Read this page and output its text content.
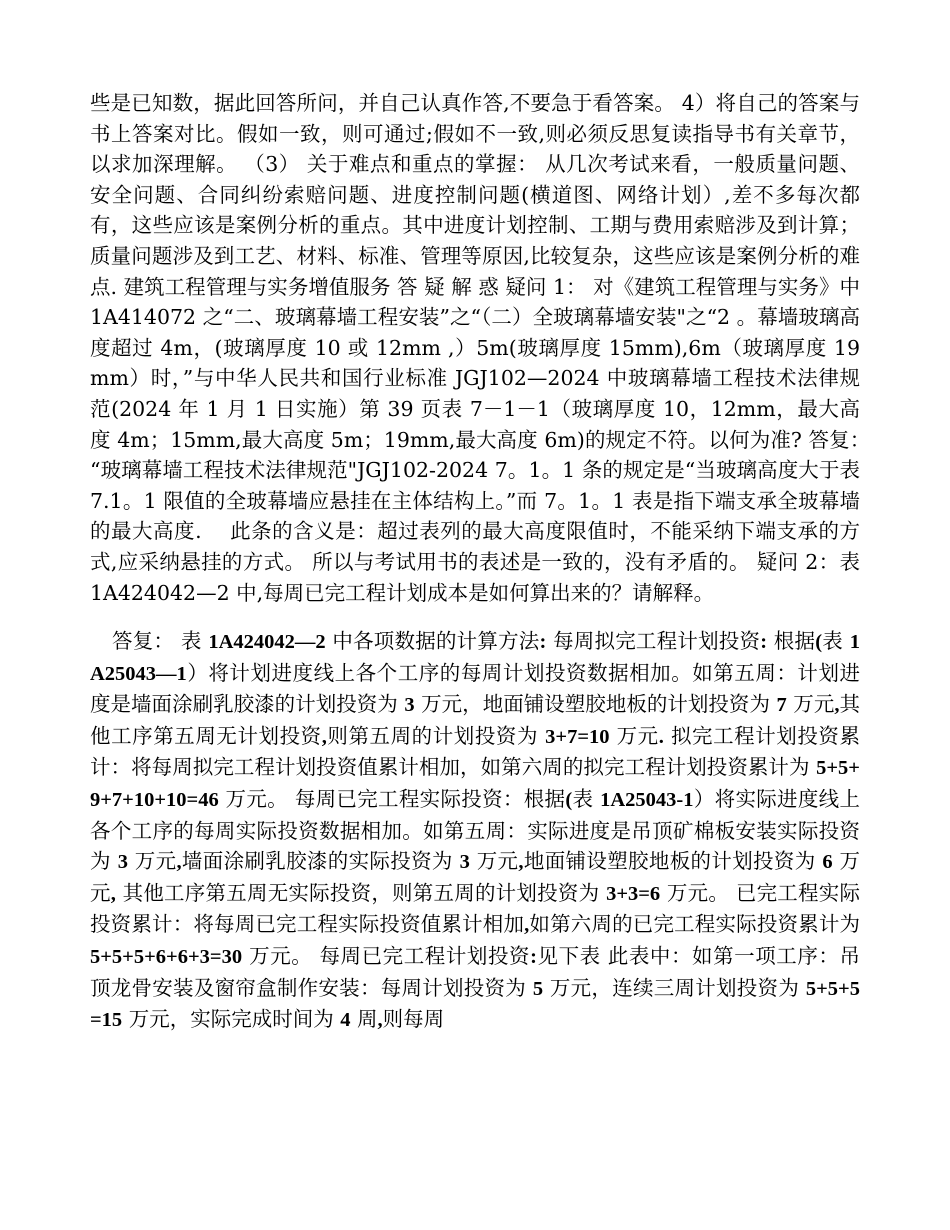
些是已知数，据此回答所问，并自己认真作答,不要急于看答案。 4）将自己的答案与书上答案对比。假如一致，则可通过;假如不一致,则必须反思复读指导书有关章节，以求加深理解。 （3） 关于难点和重点的掌握： 从几次考试来看，一般质量问题、安全问题、合同纠纷索赔问题、进度控制问题(横道图、网络计划）,差不多每次都有，这些应该是案例分析的重点。其中进度计划控制、工期与费用索赔涉及到计算；质量问题涉及到工艺、材料、标准、管理等原因,比较复杂，这些应该是案例分析的难点. 建筑工程管理与实务增值服务 答 疑 解 惑 疑问 1： 对《建筑工程管理与实务》中 1A414072 之“二、玻璃幕墙工程安装”之“（二）全玻璃幕墙安装"之“2 。幕墙玻璃高度超过 4m，(玻璃厚度 10 或 12mm ,）5m(玻璃厚度 15mm),6m（玻璃厚度 19mm）时，”与中华人民共和国行业标准 JGJ102—2024 中玻璃幕墙工程技术法律规范(2024 年 1 月 1 日实施）第 39 页表 7－1－1（玻璃厚度 10，12mm，最大高度 4m；15mm,最大高度 5m；19mm,最大高度 6m)的规定不符。以何为准? 答复：　　“玻璃幕墙工程技术法律规范"JGJ102-2024 7。1。1 条的规定是“当玻璃高度大于表 7.1。1 限值的全玻幕墙应悬挂在主体结构上。”而 7。1。1 表是指下端支承全玻幕墙的最大高度.　 此条的含义是：超过表列的最大高度限值时，不能采纳下端支承的方式,应采纳悬挂的方式。 所以与考试用书的表述是一致的，没有矛盾的。 疑问 2：表 1A424042—2 中,每周已完工程计划成本是如何算出来的？请解释。

答复： 表 1A424042—2 中各项数据的计算方法: 每周拟完工程计划投资: 根据(表 1A25043—1）将计划进度线上各个工序的每周计划投资数据相加。如第五周：计划进度是墙面涂刷乳胶漆的计划投资为 3 万元，地面铺设塑胶地板的计划投资为 7 万元,其他工序第五周无计划投资,则第五周的计划投资为 3+7=10 万元. 拟完工程计划投资累计：将每周拟完工程计划投资值累计相加，如第六周的拟完工程计划投资累计为 5+5+9+7+10+10=46 万元。 每周已完工程实际投资：根据(表 1A25043-1）将实际进度线上各个工序的每周实际投资数据相加。如第五周：实际进度是吊顶矿棉板安装实际投资为 3 万元,墙面涂刷乳胶漆的实际投资为 3 万元,地面铺设塑胶地板的计划投资为 6 万元, 其他工序第五周无实际投资，则第五周的计划投资为 3+3=6 万元。 已完工程实际投资累计：将每周已完工程实际投资值累计相加,如第六周的已完工程实际投资累计为 5+5+5+6+6+3=30 万元。 每周已完工程计划投资:见下表 此表中：如第一项工序：吊顶龙骨安装及窗帘盒制作安装：每周计划投资为 5 万元，连续三周计划投资为 5+5+5=15 万元，实际完成时间为 4 周,则每周
